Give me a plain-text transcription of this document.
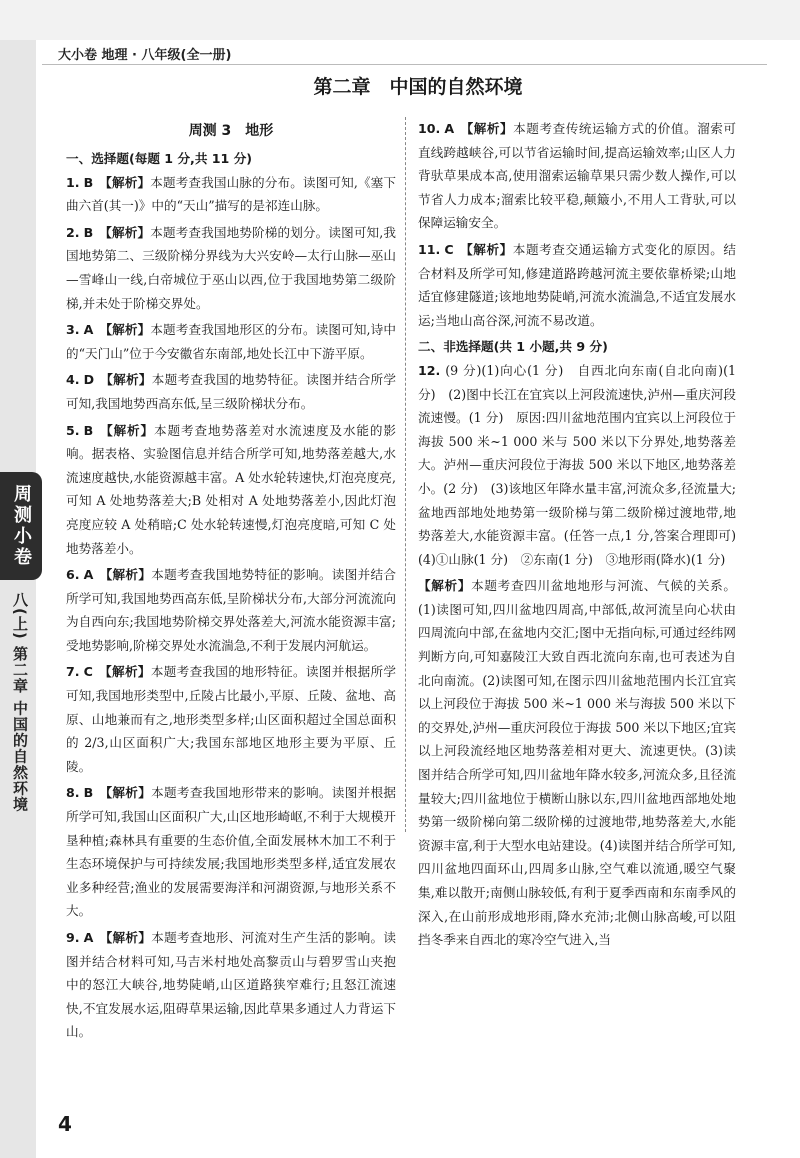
大小卷 地理 · 八年级(全一册)
周测小卷
八(上) 第二章 中国的自然环境
第二章　中国的自然环境
周测 3　地形
一、选择题(每题 1 分,共 11 分)
1. B 【解析】本题考查我国山脉的分布。读图可知,《塞下曲六首(其一)》中的“天山”描写的是祁连山脉。
2. B 【解析】本题考查我国地势阶梯的划分。读图可知,我国地势第二、三级阶梯分界线为大兴安岭—太行山脉—巫山—雪峰山一线,白帝城位于巫山以西,位于我国地势第二级阶梯,并未处于阶梯交界处。
3. A 【解析】本题考查我国地形区的分布。读图可知,诗中的“天门山”位于今安徽省东南部,地处长江中下游平原。
4. D 【解析】本题考查我国的地势特征。读图并结合所学可知,我国地势西高东低,呈三级阶梯状分布。
5. B 【解析】本题考查地势落差对水流速度及水能的影响。据表格、实验图信息并结合所学可知,地势落差越大,水流速度越快,水能资源越丰富。A 处水轮转速快,灯泡亮度亮,可知 A 处地势落差大;B 处相对 A 处地势落差小,因此灯泡亮度应较 A 处稍暗;C 处水轮转速慢,灯泡亮度暗,可知 C 处地势落差小。
6. A 【解析】本题考查我国地势特征的影响。读图并结合所学可知,我国地势西高东低,呈阶梯状分布,大部分河流流向为自西向东;我国地势阶梯交界处落差大,河流水能资源丰富;受地势影响,阶梯交界处水流湍急,不利于发展内河航运。
7. C 【解析】本题考查我国的地形特征。读图并根据所学可知,我国地形类型中,丘陵占比最小,平原、丘陵、盆地、高原、山地兼而有之,地形类型多样;山区面积超过全国总面积的 2/3,山区面积广大;我国东部地区地形主要为平原、丘陵。
8. B 【解析】本题考查我国地形带来的影响。读图并根据所学可知,我国山区面积广大,山区地形崎岖,不利于大规模开垦种植;森林具有重要的生态价值,全面发展林木加工不利于生态环境保护与可持续发展;我国地形类型多样,适宜发展农业多种经营;渔业的发展需要海洋和河湖资源,与地形关系不大。
9. A 【解析】本题考查地形、河流对生产生活的影响。读图并结合材料可知,马吉米村地处高黎贡山与碧罗雪山夹抱中的怒江大峡谷,地势陡峭,山区道路狭窄难行;且怒江流速快,不宜发展水运,阻碍草果运输,因此草果多通过人力背运下山。
10. A 【解析】本题考查传统运输方式的价值。溜索可直线跨越峡谷,可以节省运输时间,提高运输效率;山区人力背驮草果成本高,使用溜索运输草果只需少数人操作,可以节省人力成本;溜索比较平稳,颠簸小,不用人工背驮,可以保障运输安全。
11. C 【解析】本题考查交通运输方式变化的原因。结合材料及所学可知,修建道路跨越河流主要依靠桥梁;山地适宜修建隧道;该地地势陡峭,河流水流湍急,不适宜发展水运;当地山高谷深,河流不易改道。
二、非选择题(共 1 小题,共 9 分)
12. (9 分)(1)向心(1 分)　自西北向东南(自北向南)(1 分)　(2)图中长江在宜宾以上河段流速快,泸州—重庆河段流速慢。(1 分)　原因:四川盆地范围内宜宾以上河段位于海拔 500 米~1 000 米与 500 米以下分界处,地势落差大。泸州—重庆河段位于海拔 500 米以下地区,地势落差小。(2 分)　(3)该地区年降水量丰富,河流众多,径流量大;盆地西部地处地势第一级阶梯与第二级阶梯过渡地带,地势落差大,水能资源丰富。(任答一点,1 分,答案合理即可)　(4)①山脉(1 分)　②东南(1 分)　③地形雨(降水)(1 分)
【解析】本题考查四川盆地地形与河流、气候的关系。(1)读图可知,四川盆地四周高,中部低,故河流呈向心状由四周流向中部,在盆地内交汇;图中无指向标,可通过经纬网判断方向,可知嘉陵江大致自西北流向东南,也可表述为自北向南流。(2)读图可知,在图示四川盆地范围内长江宜宾以上河段位于海拔 500 米~1 000 米与海拔 500 米以下的交界处,泸州—重庆河段位于海拔 500 米以下地区;宜宾以上河段流经地区地势落差相对更大、流速更快。(3)读图并结合所学可知,四川盆地年降水较多,河流众多,且径流量较大;四川盆地位于横断山脉以东,四川盆地西部地处地势第一级阶梯向第二级阶梯的过渡地带,地势落差大,水能资源丰富,利于大型水电站建设。(4)读图并结合所学可知,四川盆地四面环山,四周多山脉,空气难以流通,暖空气聚集,难以散开;南侧山脉较低,有利于夏季西南和东南季风的深入,在山前形成地形雨,降水充沛;北侧山脉高峻,可以阻挡冬季来自西北的寒冷空气进入,当
4
